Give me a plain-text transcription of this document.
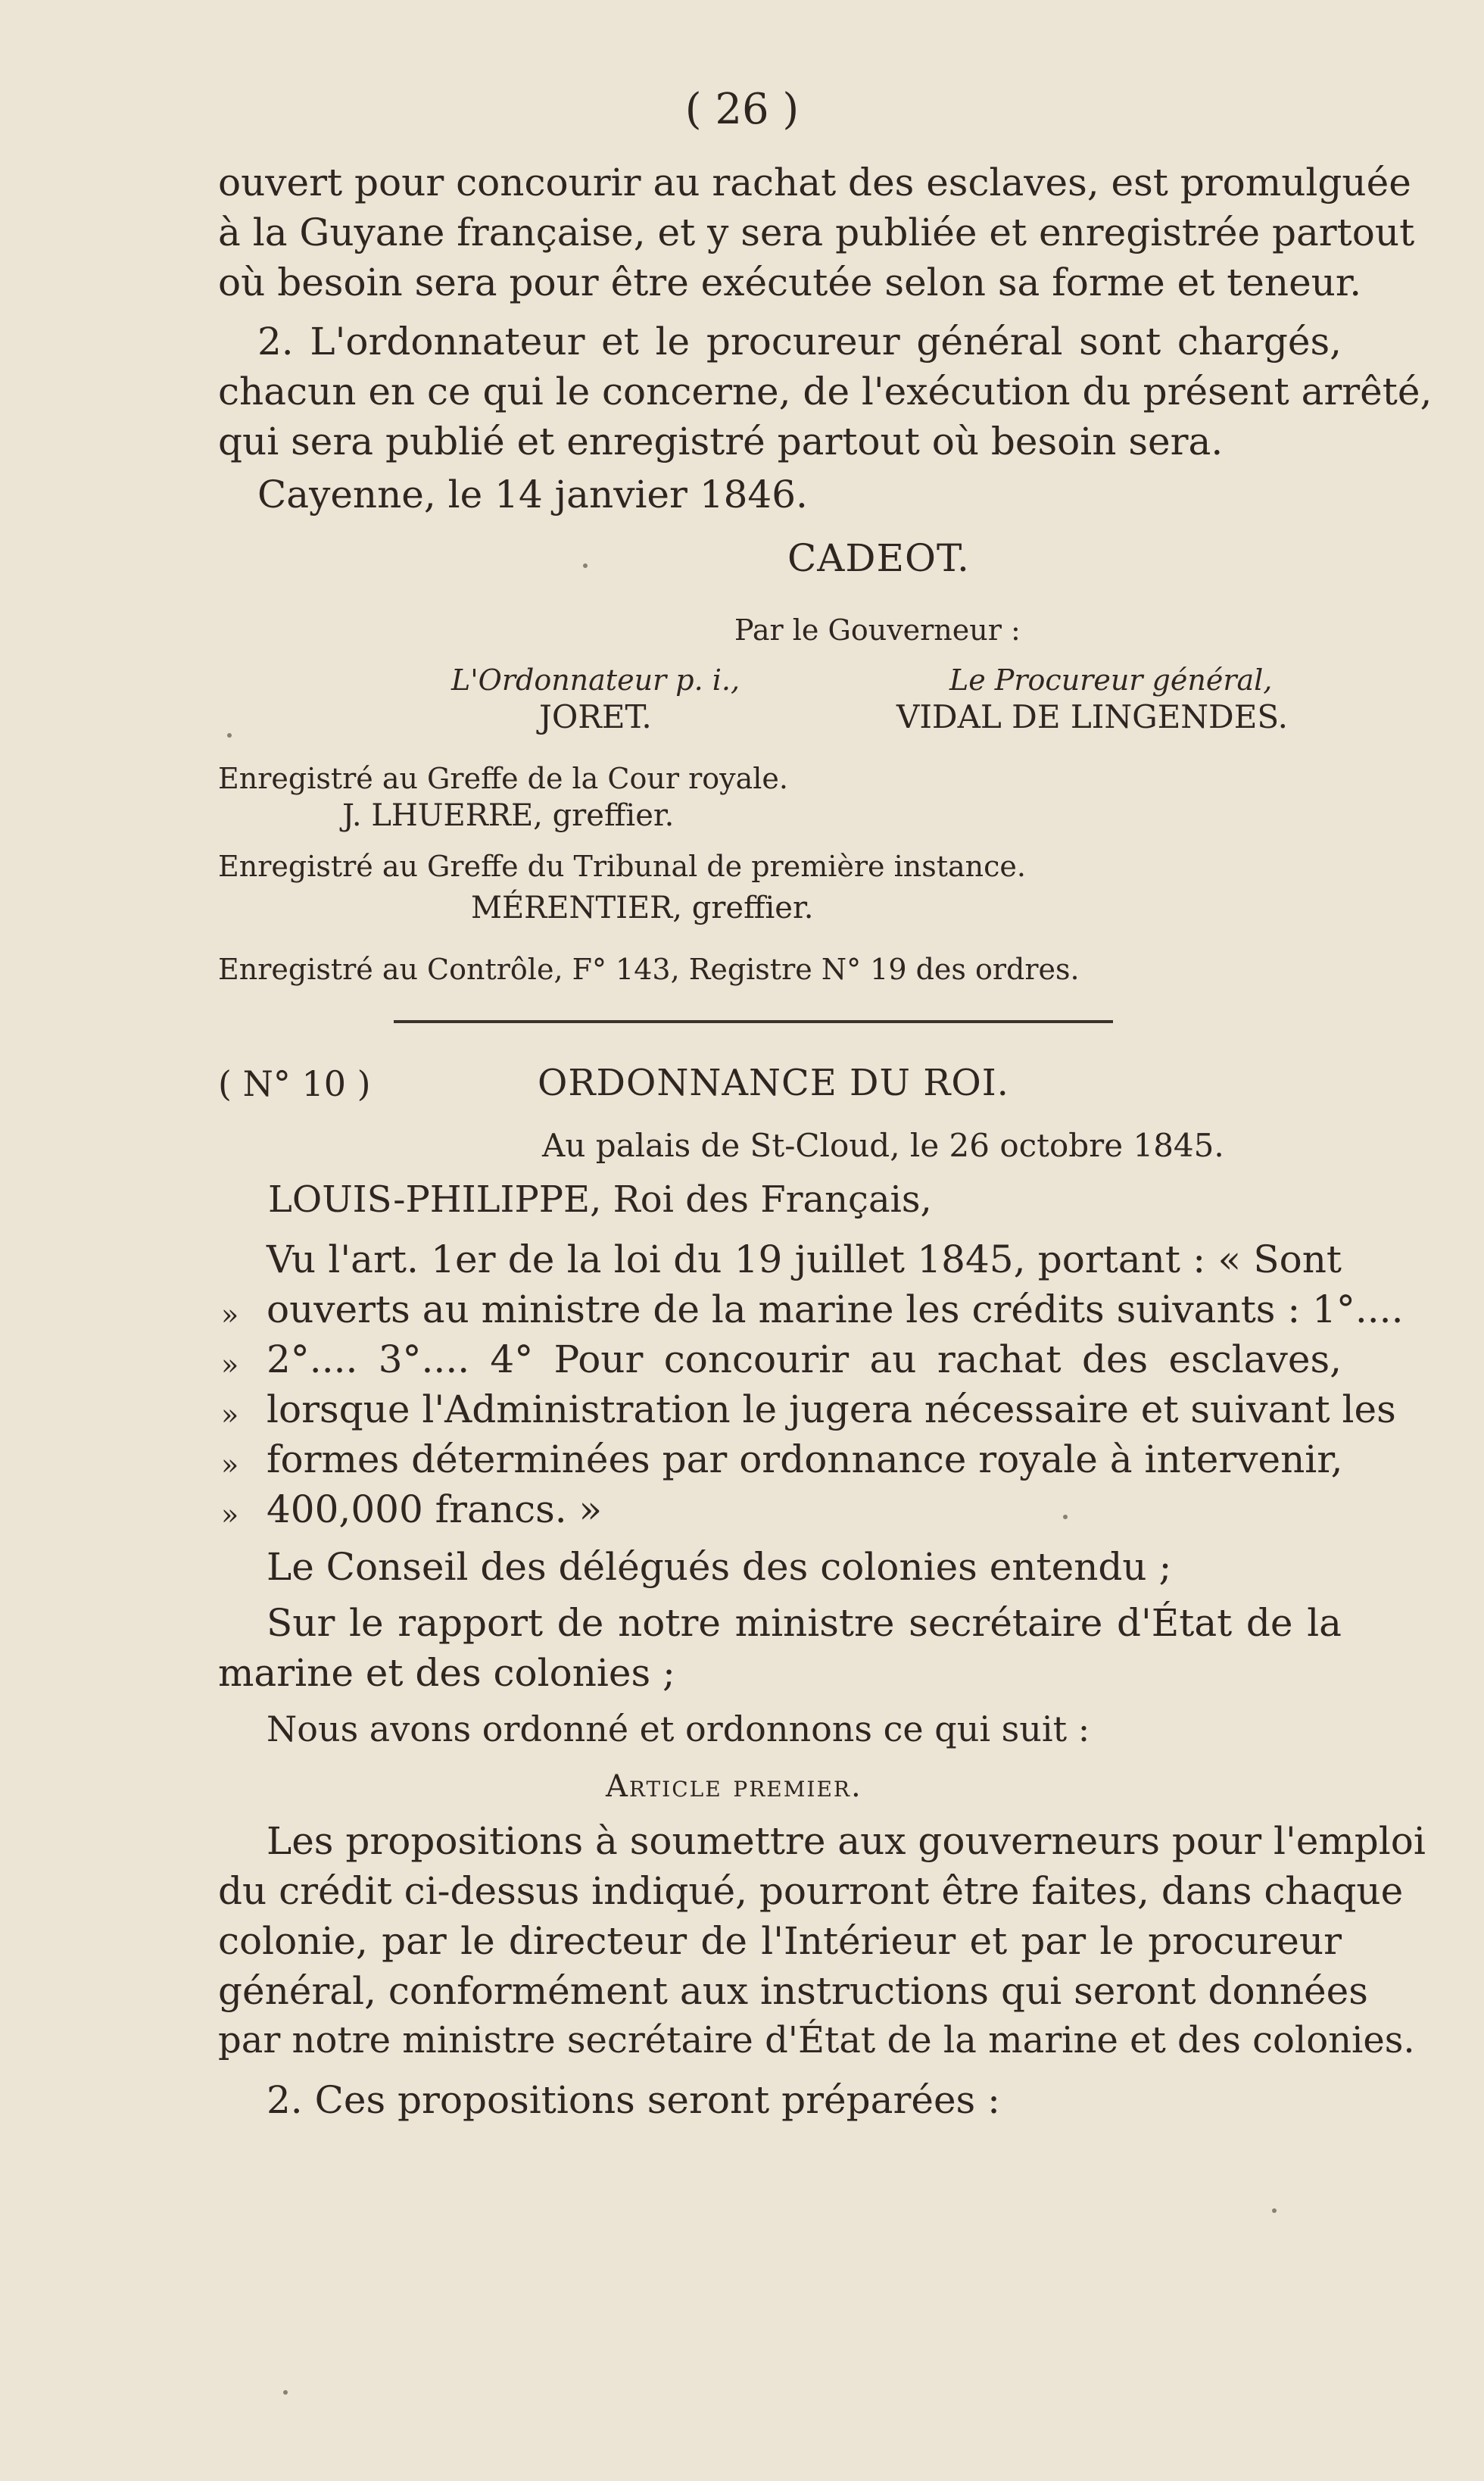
( 26 )
ouvert pour concourir au rachat des esclaves, est promulguée
à la Guyane française, et y sera publiée et enregistrée partout
où besoin sera pour être exécutée selon sa forme et teneur.
2. L'ordonnateur et le procureur général sont chargés,
chacun en ce qui le concerne, de l'exécution du présent arrêté,
qui sera publié et enregistré partout où besoin sera.
Cayenne, le 14 janvier 1846.
CADEOT.
Par le Gouverneur :
L'Ordonnateur p. i.,	Le Procureur général,
JORET.	VIDAL DE LINGENDES.
Enregistré au Greffe de la Cour royale.
J. LHUERRE, greffier.
Enregistré au Greffe du Tribunal de première instance.
MÉRENTIER, greffier.
Enregistré au Contrôle, F° 143, Registre N° 19 des ordres.
( N° 10 )	ORDONNANCE DU ROI.
Au palais de St-Cloud, le 26 octobre 1845.
LOUIS-PHILIPPE, Roi des Français,
Vu l'art. 1er de la loi du 19 juillet 1845, portant : « Sont
» ouverts au ministre de la marine les crédits suivants : 1°....
» 2°.... 3°.... 4° Pour concourir au rachat des esclaves,
» lorsque l'Administration le jugera nécessaire et suivant les
» formes déterminées par ordonnance royale à intervenir,
» 400,000 francs. »
Le Conseil des délégués des colonies entendu ;
Sur le rapport de notre ministre secrétaire d'État de la
marine et des colonies ;
Nous avons ordonné et ordonnons ce qui suit :
Article premier.
Les propositions à soumettre aux gouverneurs pour l'emploi
du crédit ci-dessus indiqué, pourront être faites, dans chaque
colonie, par le directeur de l'Intérieur et par le procureur
général, conformément aux instructions qui seront données
par notre ministre secrétaire d'État de la marine et des colonies.
2. Ces propositions seront préparées :
